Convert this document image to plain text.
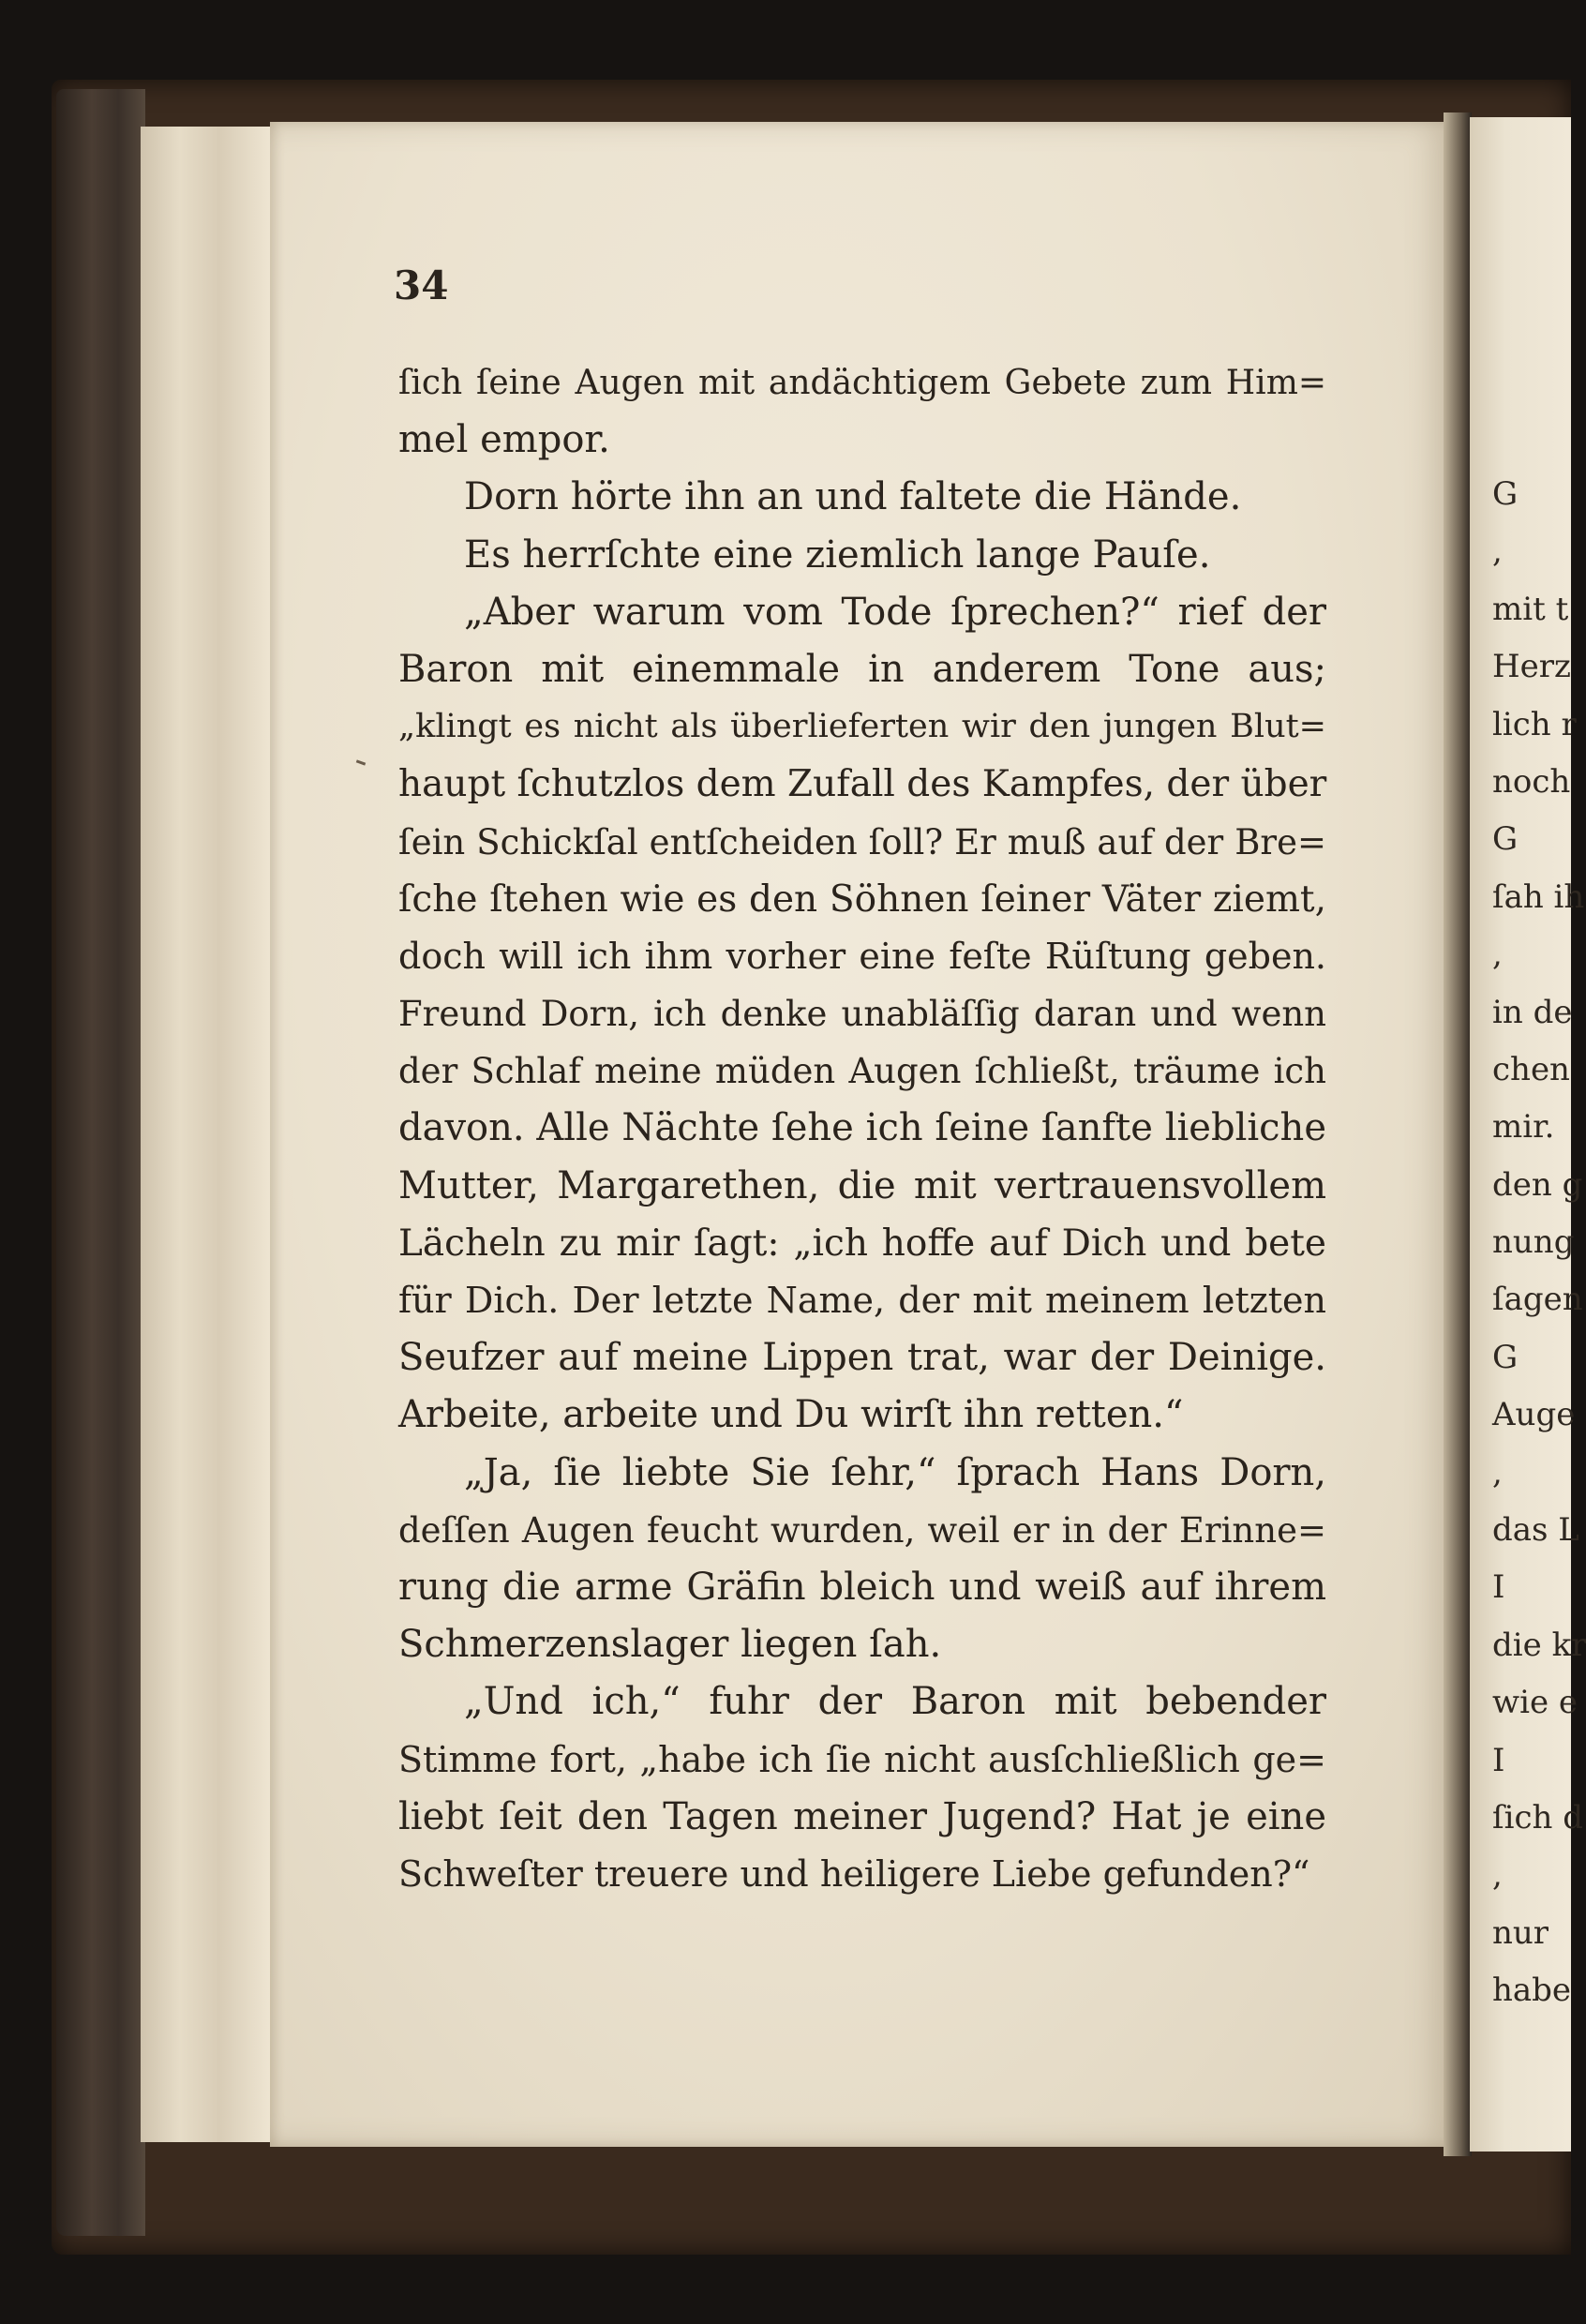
G
,
mit t
Herz
lich r
noch
G
ſah ih
,
in de
chen
mir.
den g
nung
ſagen
G
Auge
,
das L
I
die kr
wie e
I
ſich d
,
nur
habe
34
ſich ſeine Augen mit andächtigem Gebete zum Him=
mel empor.
Dorn hörte ihn an und faltete die Hände.
Es herrſchte eine ziemlich lange Pauſe.
„Aber warum vom Tode ſprechen?“ rief der
Baron mit einemmale in anderem Tone aus;
„klingt es nicht als überlieferten wir den jungen Blut=
haupt ſchutzlos dem Zufall des Kampfes, der über
ſein Schickſal entſcheiden ſoll? Er muß auf der Bre=
ſche ſtehen wie es den Söhnen ſeiner Väter ziemt,
doch will ich ihm vorher eine feſte Rüſtung geben.
Freund Dorn, ich denke unabläſſig daran und wenn
der Schlaf meine müden Augen ſchließt, träume ich
davon. Alle Nächte ſehe ich ſeine ſanfte liebliche
Mutter, Margarethen, die mit vertrauensvollem
Lächeln zu mir ſagt: „ich hoffe auf Dich und bete
für Dich. Der letzte Name, der mit meinem letzten
Seufzer auf meine Lippen trat, war der Deinige.
Arbeite, arbeite und Du wirſt ihn retten.“
„Ja, ſie liebte Sie ſehr,“ ſprach Hans Dorn,
deſſen Augen feucht wurden, weil er in der Erinne=
rung die arme Gräfin bleich und weiß auf ihrem
Schmerzenslager liegen ſah.
„Und ich,“ fuhr der Baron mit bebender
Stimme fort, „habe ich ſie nicht ausſchließlich ge=
liebt ſeit den Tagen meiner Jugend? Hat je eine
Schweſter treuere und heiligere Liebe gefunden?“
